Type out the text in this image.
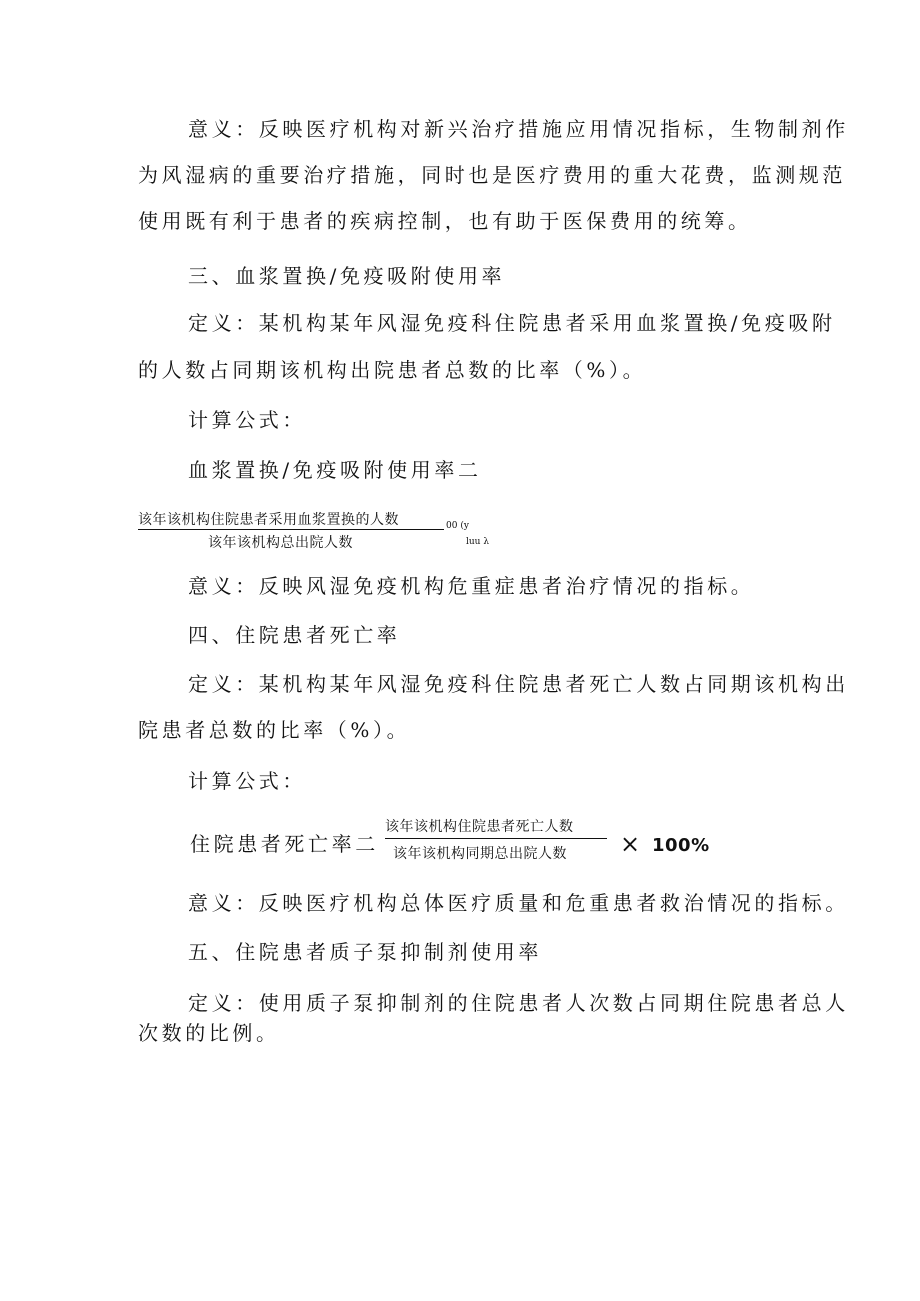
意义：反映医疗机构对新兴治疗措施应用情况指标，生物制剂作
为风湿病的重要治疗措施，同时也是医疗费用的重大花费，监测规范
使用既有利于患者的疾病控制，也有助于医保费用的统筹。
三、血浆置换/免疫吸附使用率
定义：某机构某年风湿免疫科住院患者采用血浆置换/免疫吸附
的人数占同期该机构出院患者总数的比率（%）。
计算公式：
血浆置换/免疫吸附使用率二
该年该机构住院患者采用血浆置换的人数	00 (y
该年该机构总出院人数	luu λ
意义：反映风湿免疫机构危重症患者治疗情况的指标。
四、住院患者死亡率
定义：某机构某年风湿免疫科住院患者死亡人数占同期该机构出
院患者总数的比率（%）。
计算公式：
住院患者死亡率二
该年该机构住院患者死亡人数
该年该机构同期总出院人数 × 100%
意义：反映医疗机构总体医疗质量和危重患者救治情况的指标。
五、住院患者质子泵抑制剂使用率
定义：使用质子泵抑制剂的住院患者人次数占同期住院患者总人
次数的比例。
